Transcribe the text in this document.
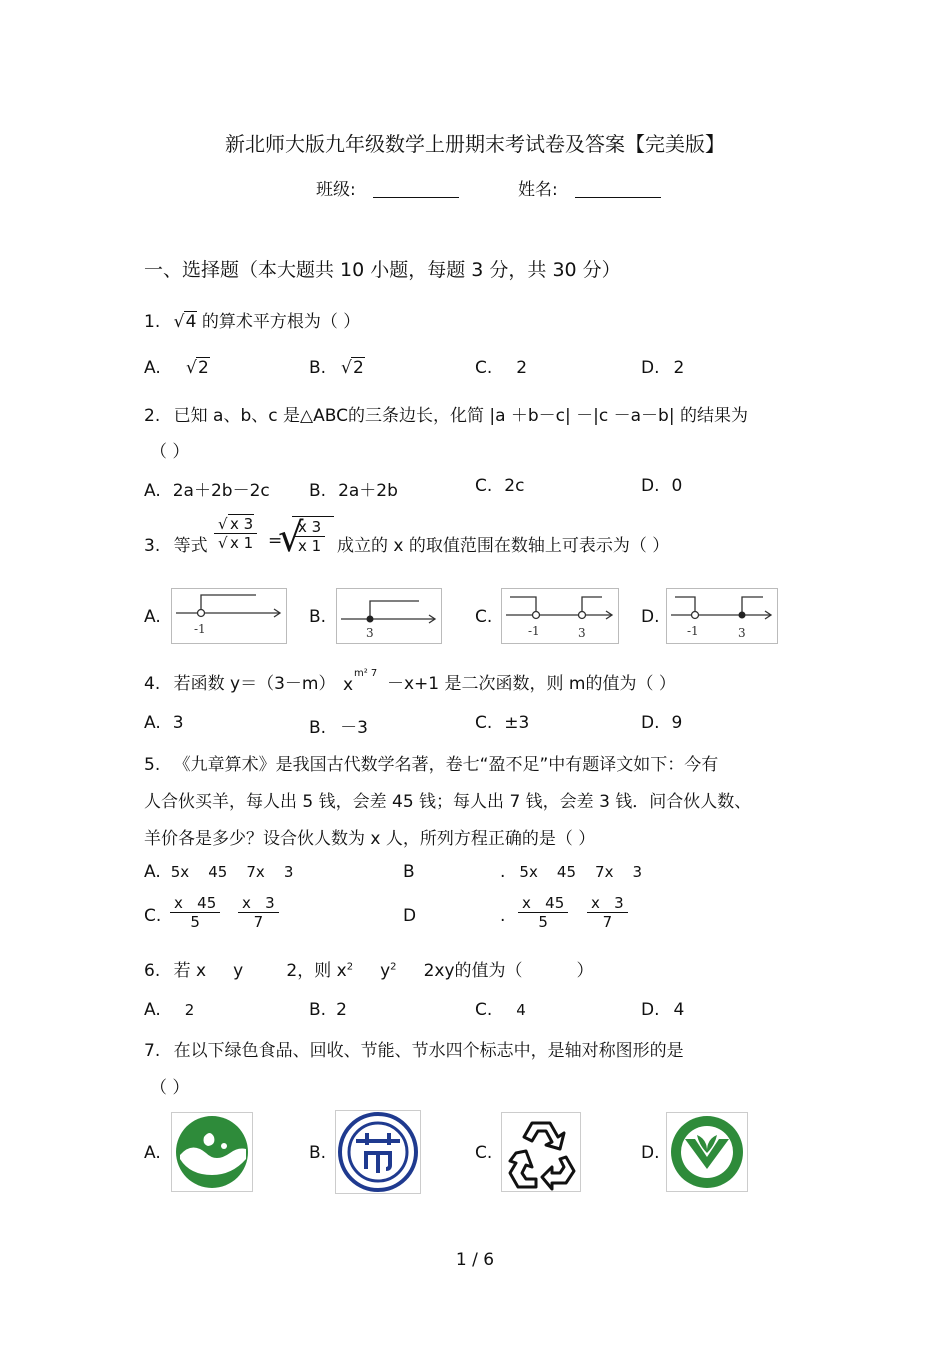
新北师大版九年级数学上册期末考试卷及答案【完美版】
班级:	姓名:
一、选择题（本大题共 10 小题，每题 3 分，共 30 分）
1. √ 4 的算术平方根为（ ）
A. √ 2	B. √ 2	C. 2	D. 2
2. 已知 a、b、c 是△ABC的三条边长，化简 |a ＋b－c| －|c －a－b| 的结果为
（ ）
A. 2a＋2b－2c B. 2a＋2b	C. 2c	D. 0
3. 等式 $\frac{√ x 3}{√ x 1}$ =
√
$\frac{x 3}{x 1}$ 成立的 x 的取值范围在数轴上可表示为（ ）
A.
-1
B.
3
C.
-1	3
D.
-1	3
4. 若函数 y＝（3－m） x
m² 7
－x+1 是二次函数，则 m的值为（ ）
A. 3	B. －3	C. ±3	D. 9
5. 《九章算术》是我国古代数学名著，卷七“盈不足”中有题译文如下：今有
人合伙买羊，每人出 5 钱，会差 45 钱；每人出 7 钱，会差 3 钱．问合伙人数、
羊价各是多少？设合伙人数为 x 人，所列方程正确的是（ ）
A. 5x    45    7x    3	B	. 5x    45    7x    3
C. $\frac{x 45}{5} \frac{x 3}{7}$	D	. $\frac{x 45}{5} \frac{x 3}{7}$
6. 若 x     y        2，则 $x^2$     $y^2$     2xy的值为（          ）
A. 2	B. 2	C. 4	D. 4
7. 在以下绿色食品、回收、节能、节水四个标志中，是轴对称图形的是
（ ）
A.	B.	C.	D.
1 / 6
